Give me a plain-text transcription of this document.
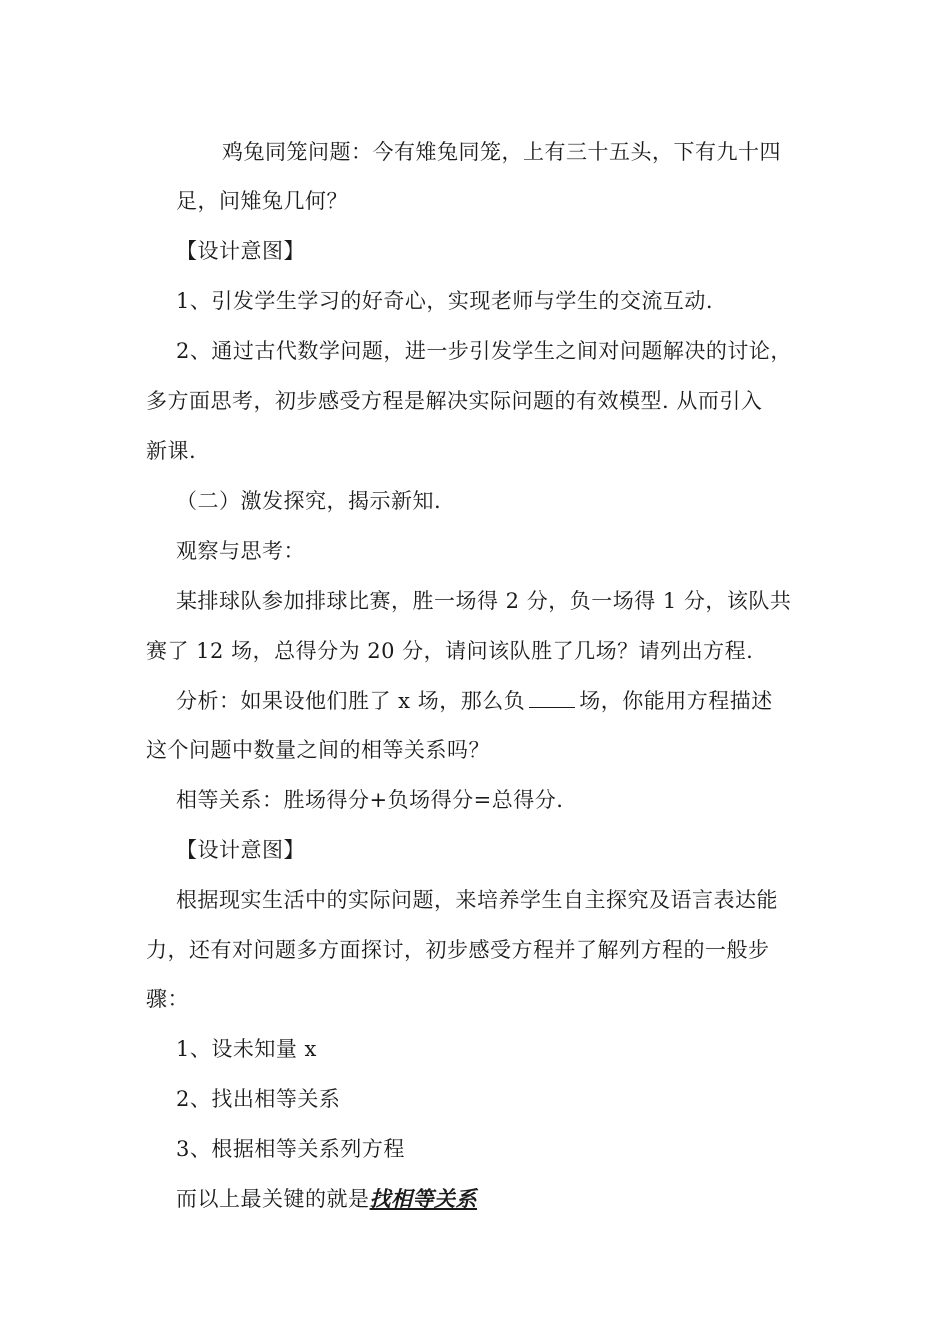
鸡兔同笼问题：今有雉兔同笼，上有三十五头，下有九十四
足，问雉兔几何？
【设计意图】
1、引发学生学习的好奇心，实现老师与学生的交流互动.
2、通过古代数学问题，进一步引发学生之间对问题解决的讨论，
多方面思考，初步感受方程是解决实际问题的有效模型. 从而引入
新课.
（二）激发探究，揭示新知.
观察与思考：
某排球队参加排球比赛，胜一场得 2 分，负一场得 1 分，该队共
赛了 12 场，总得分为 20 分，请问该队胜了几场？请列出方程.
分析：如果设他们胜了 x 场，那么负	场，你能用方程描述
这个问题中数量之间的相等关系吗？
相等关系：胜场得分+负场得分=总得分.
【设计意图】
根据现实生活中的实际问题，来培养学生自主探究及语言表达能
力，还有对问题多方面探讨，初步感受方程并了解列方程的一般步
骤：
1、设未知量 x
2、找出相等关系
3、根据相等关系列方程
而以上最关键的就是找相等关系
